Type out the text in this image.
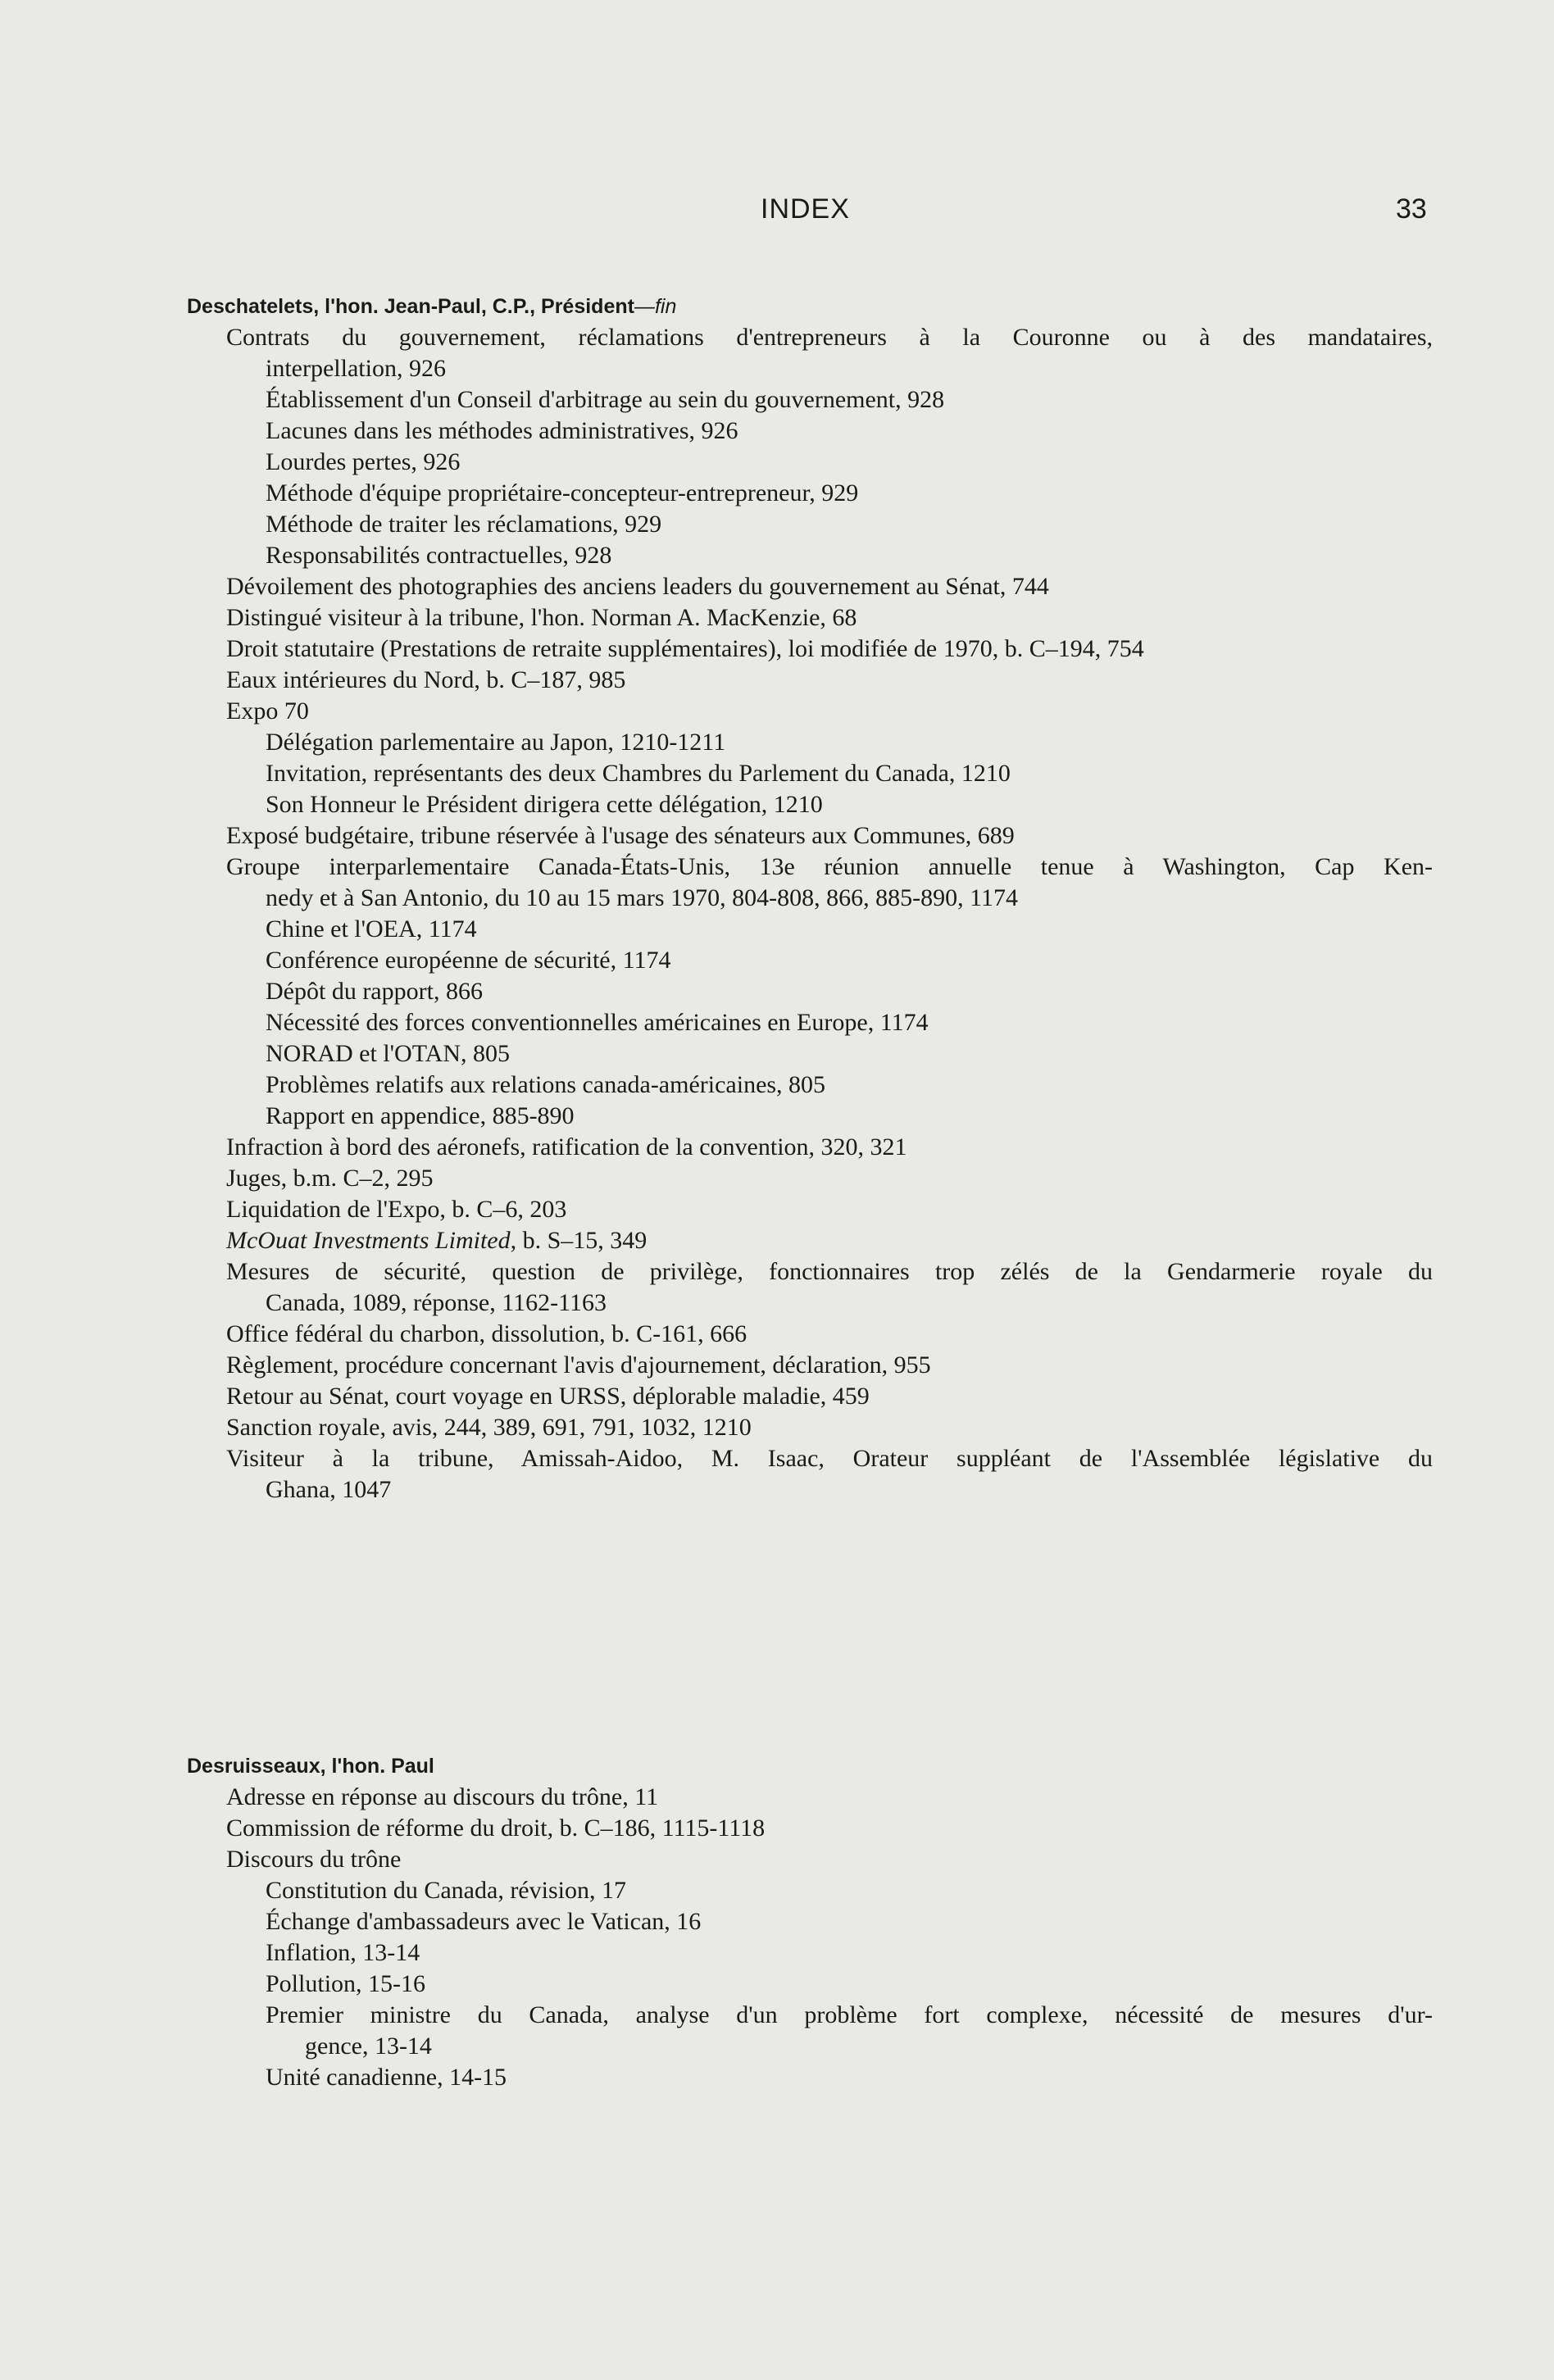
INDEX	33
Deschatelets, l'hon. Jean-Paul, C.P., Président—fin
Contrats du gouvernement, réclamations d'entrepreneurs à la Couronne ou à des mandataires,
interpellation, 926
Établissement d'un Conseil d'arbitrage au sein du gouvernement, 928
Lacunes dans les méthodes administratives, 926
Lourdes pertes, 926
Méthode d'équipe propriétaire-concepteur-entrepreneur, 929
Méthode de traiter les réclamations, 929
Responsabilités contractuelles, 928
Dévoilement des photographies des anciens leaders du gouvernement au Sénat, 744
Distingué visiteur à la tribune, l'hon. Norman A. MacKenzie, 68
Droit statutaire (Prestations de retraite supplémentaires), loi modifiée de 1970, b. C–194, 754
Eaux intérieures du Nord, b. C–187, 985
Expo 70
Délégation parlementaire au Japon, 1210-1211
Invitation, représentants des deux Chambres du Parlement du Canada, 1210
Son Honneur le Président dirigera cette délégation, 1210
Exposé budgétaire, tribune réservée à l'usage des sénateurs aux Communes, 689
Groupe interparlementaire Canada-États-Unis, 13e réunion annuelle tenue à Washington, Cap Ken-
nedy et à San Antonio, du 10 au 15 mars 1970, 804-808, 866, 885-890, 1174
Chine et l'OEA, 1174
Conférence européenne de sécurité, 1174
Dépôt du rapport, 866
Nécessité des forces conventionnelles américaines en Europe, 1174
NORAD et l'OTAN, 805
Problèmes relatifs aux relations canada-américaines, 805
Rapport en appendice, 885-890
Infraction à bord des aéronefs, ratification de la convention, 320, 321
Juges, b.m. C–2, 295
Liquidation de l'Expo, b. C–6, 203
McOuat Investments Limited, b. S–15, 349
Mesures de sécurité, question de privilège, fonctionnaires trop zélés de la Gendarmerie royale du
Canada, 1089, réponse, 1162-1163
Office fédéral du charbon, dissolution, b. C-161, 666
Règlement, procédure concernant l'avis d'ajournement, déclaration, 955
Retour au Sénat, court voyage en URSS, déplorable maladie, 459
Sanction royale, avis, 244, 389, 691, 791, 1032, 1210
Visiteur à la tribune, Amissah-Aidoo, M. Isaac, Orateur suppléant de l'Assemblée législative du
Ghana, 1047
Desruisseaux, l'hon. Paul
Adresse en réponse au discours du trône, 11
Commission de réforme du droit, b. C–186, 1115-1118
Discours du trône
Constitution du Canada, révision, 17
Échange d'ambassadeurs avec le Vatican, 16
Inflation, 13-14
Pollution, 15-16
Premier ministre du Canada, analyse d'un problème fort complexe, nécessité de mesures d'ur-
gence, 13-14
Unité canadienne, 14-15
